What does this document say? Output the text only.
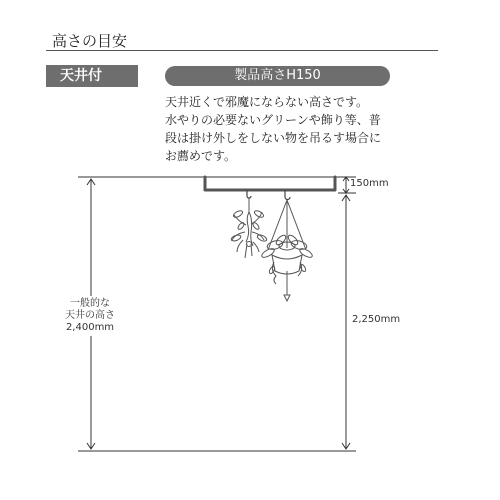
高さの目安
天井付	製品高さH150
天井近くで邪魔にならない高さです。
水やりの必要ないグリーンや飾り等、普
段は掛け外しをしない物を吊るす場合に
お薦めです。
一般的な
天井の高さ
2,400mm
150mm
2,250mm
